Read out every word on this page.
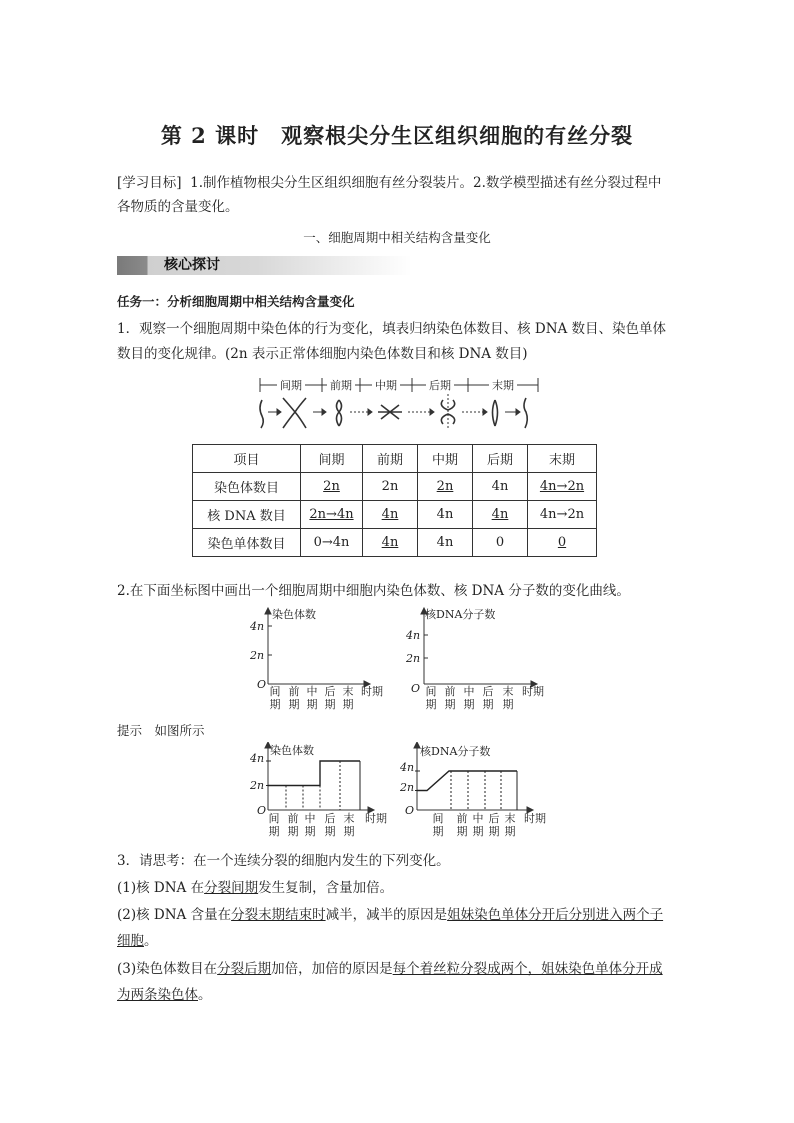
第 2 课时　观察根尖分生区组织细胞的有丝分裂
[学习目标] 1.制作植物根尖分生区组织细胞有丝分裂装片。2.数学模型描述有丝分裂过程中
各物质的含量变化。
一、细胞周期中相关结构含量变化
核心探讨
任务一：分析细胞周期中相关结构含量变化
1．观察一个细胞周期中染色体的行为变化，填表归纳染色体数目、核 DNA 数目、染色单体
数目的变化规律。(2n 表示正常体细胞内染色体数目和核 DNA 数目)
间期	前期 中期	后期	末期
项目	间期	前期	中期	后期	末期
染色体数目	2n	2n	2n	4n	4n→2n
核 DNA 数目	2n→4n	4n	4n	4n	4n→2n
染色单体数目	0→4n	4n	4n	0	0
2.在下面坐标图中画出一个细胞周期中细胞内染色体数、核 DNA 分子数的变化曲线。
染色体数
4n
2n
O
间 前 中 后 末
期 期 期 期 期
时期
核DNA分子数
4n
2n
O 间 前 中 后 末
期 期 期 期 期
时期
提示　如图所示
染色体数
4n
2n
O
间 前 中 后 末
期 期 期 期 期
时期
核DNA分子数
4n
2n
O
间 前 中 后 末
期 期 期 期 期
时期
3．请思考：在一个连续分裂的细胞内发生的下列变化。
(1)核 DNA 在分裂间期发生复制，含量加倍。
(2)核 DNA 含量在分裂末期结束时减半，减半的原因是姐妹染色单体分开后分别进入两个子
细胞。
(3)染色体数目在分裂后期加倍，加倍的原因是每个着丝粒分裂成两个，姐妹染色单体分开成
为两条染色体。
